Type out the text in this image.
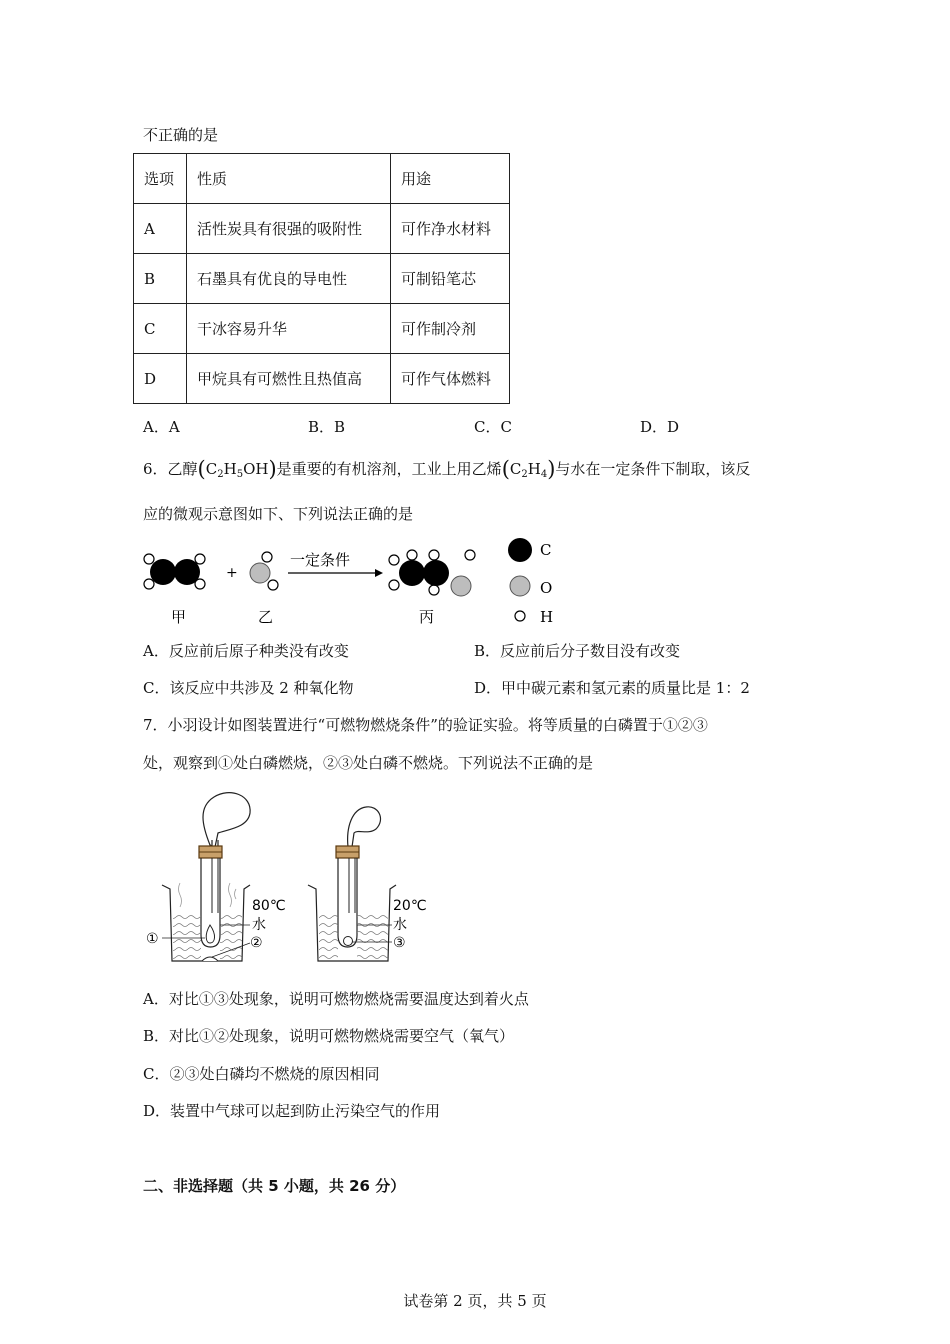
不正确的是
选项	性质	用途
A	活性炭具有很强的吸附性	可作净水材料
B	石墨具有优良的导电性	可制铅笔芯
C	干冰容易升华	可作制冷剂
D	甲烷具有可燃性且热值高	可作气体燃料
A．A	B．B	C．C	D．D
6．乙醇$(C_2H_5OH)$是重要的有机溶剂，工业上用乙烯$(C_2H_4)$与水在一定条件下制取，该反
应的微观示意图如下、下列说法正确的是
+
一定条件
甲	乙	丙
C
O
H
A．反应前后原子种类没有改变	B．反应前后分子数目没有改变
C．该反应中共涉及 2 种氧化物	D．甲中碳元素和氢元素的质量比是 1：2
7．小羽设计如图装置进行“可燃物燃烧条件”的验证实验。将等质量的白磷置于①②③
处，观察到①处白磷燃烧，②③处白磷不燃烧。下列说法不正确的是
①	②
80℃
水
20℃
水
③
A．对比①③处现象，说明可燃物燃烧需要温度达到着火点
B．对比①②处现象，说明可燃物燃烧需要空气（氧气）
C．②③处白磷均不燃烧的原因相同
D．装置中气球可以起到防止污染空气的作用
二、非选择题（共 5 小题，共 26 分）
试卷第 2 页，共 5 页
